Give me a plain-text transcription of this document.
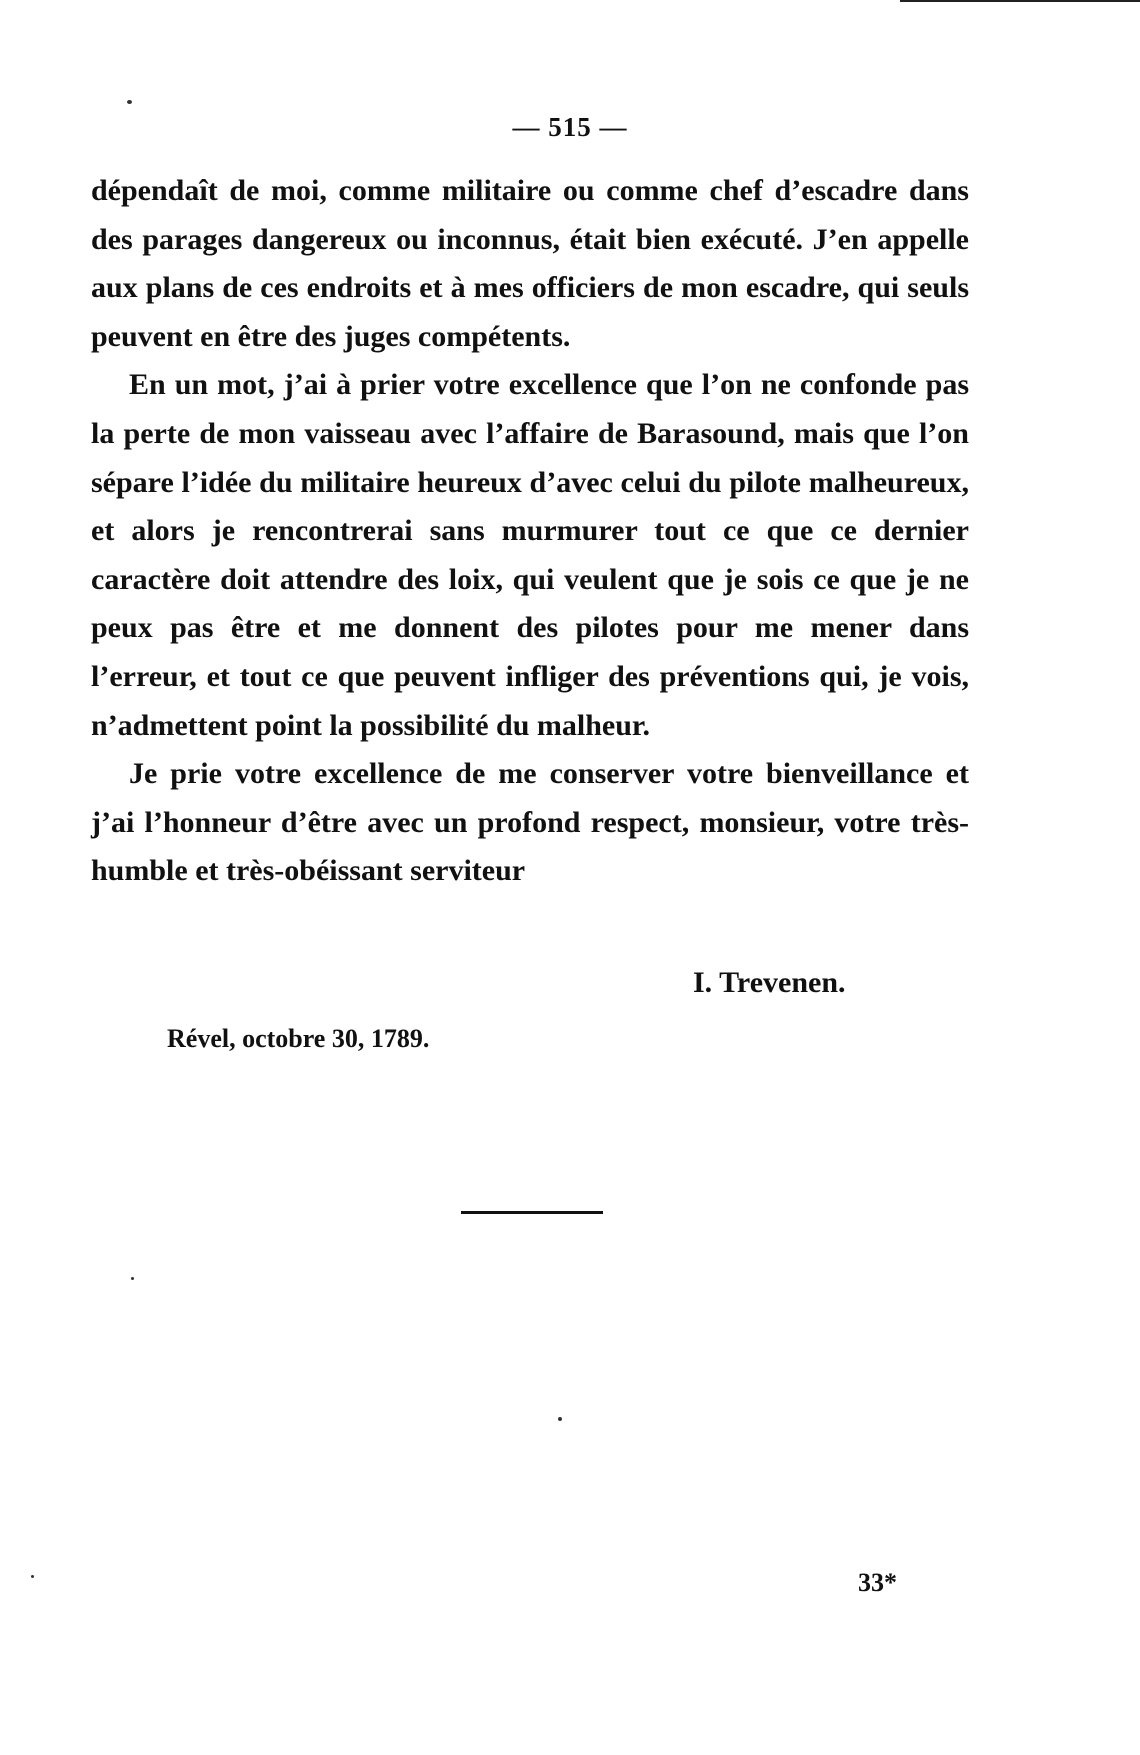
— 515 —

dépendaît de moi, comme militaire ou comme chef d’escadre dans des parages dangereux ou inconnus, était bien exécuté. J’en appelle aux plans de ces endroits et à mes officiers de mon escadre, qui seuls peuvent en être des juges compétents.

En un mot, j’ai à prier votre excellence que l’on ne confonde pas la perte de mon vaisseau avec l’affaire de Barasound, mais que l’on sépare l’idée du militaire heureux d’avec celui du pilote malheureux, et alors je rencontrerai sans murmurer tout ce que ce dernier caractère doit attendre des loix, qui veulent que je sois ce que je ne peux pas être et me donnent des pilotes pour me mener dans l’erreur, et tout ce que peuvent infliger des préventions qui, je vois, n’admettent point la possibilité du malheur.

Je prie votre excellence de me conserver votre bienveillance et j’ai l’honneur d’être avec un profond respect, monsieur, votre très-humble et très-obéissant serviteur

I. Trevenen.

Rével, octobre 30, 1789.

33*
